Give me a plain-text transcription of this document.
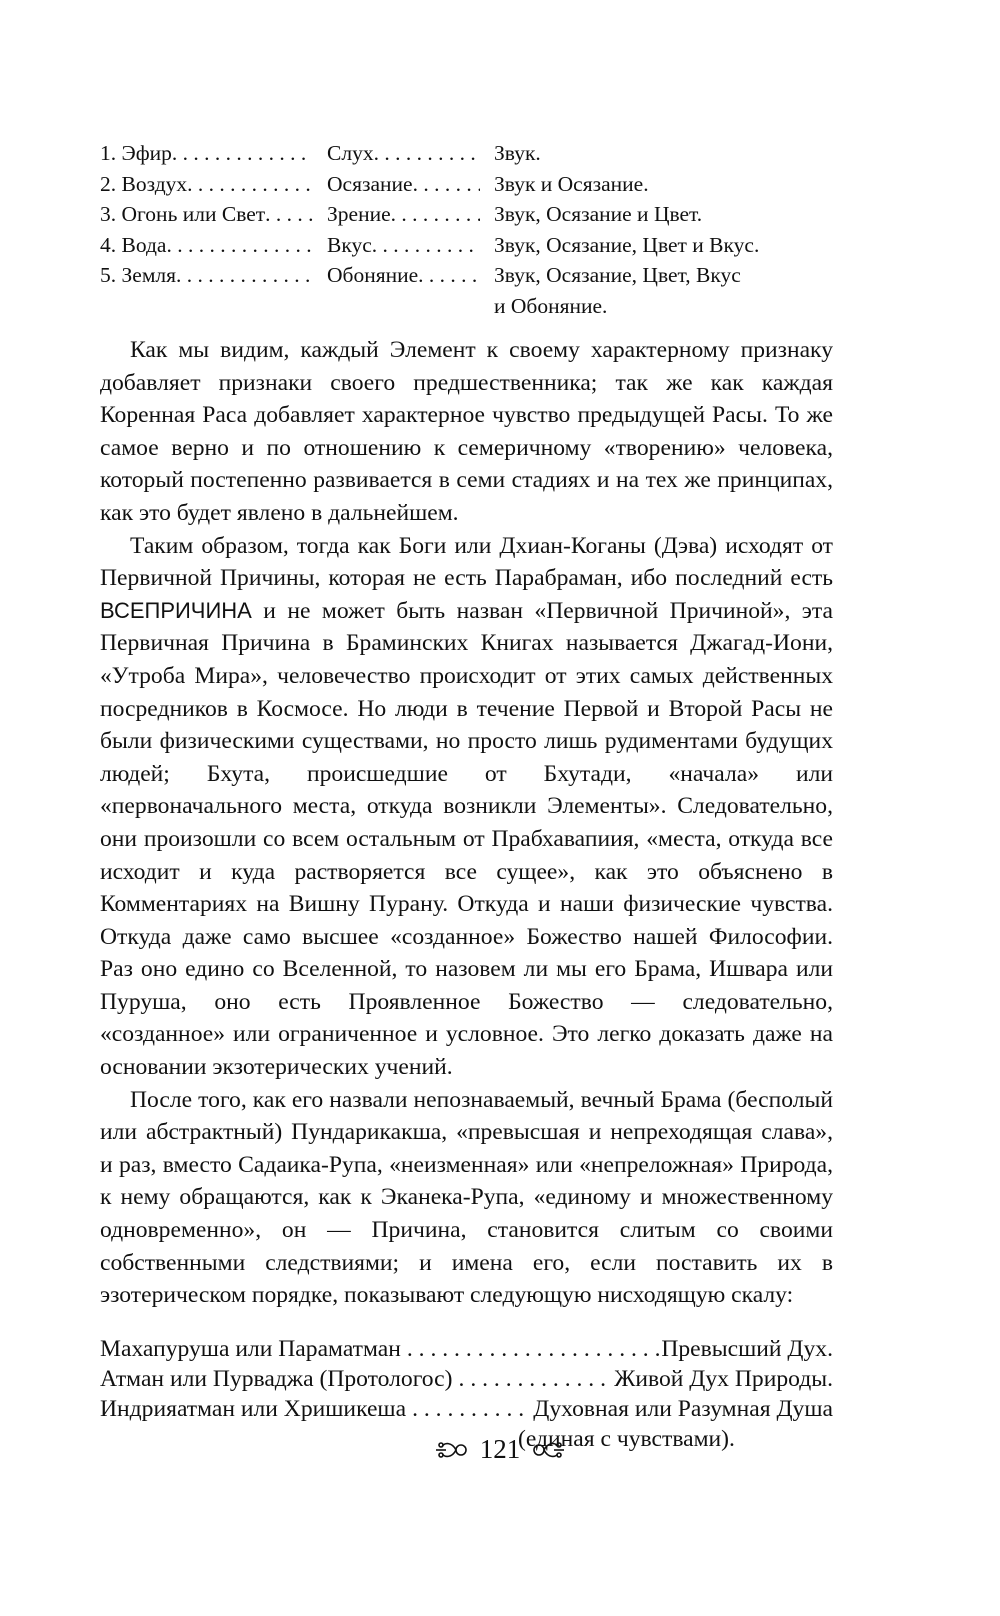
1. Эфир . . .	Слух . . .	Звук.
2. Воздух . . .	Осязание . . .	Звук и Осязание.
3. Огонь или Свет . . .	Зрение . . .	Звук, Осязание и Цвет.
4. Вода . . .	Вкус . . .	Звук, Осязание, Цвет и Вкус.
5. Земля . . .	Обоняние . . .	Звук, Осязание, Цвет, Вкус
и Обоняние.

Как мы видим, каждый Элемент к своему характерному признаку добавляет признаки своего предшественника; так же как каждая Коренная Раса добавляет характерное чувство предыдущей Расы. То же самое верно и по отношению к семеричному «творению» человека, который постепенно развивается в семи стадиях и на тех же принципах, как это будет явлено в дальнейшем.

Таким образом, тогда как Боги или Дхиан-Коганы (Дэва) исходят от Первичной Причины, которая не есть Парабраман, ибо последний есть ВСЕПРИЧИНА и не может быть назван «Первичной Причиной», эта Первичная Причина в Браминских Книгах называется Джагад-Иони, «Утроба Мира», человечество происходит от этих самых действенных посредников в Космосе. Но люди в течение Первой и Второй Расы не были физическими существами, но просто лишь рудиментами будущих людей; Бхута, происшедшие от Бхутади, «начала» или «первоначального места, откуда возникли Элементы». Следовательно, они произошли со всем остальным от Прабхавапиия, «места, откуда все исходит и куда растворяется все сущее», как это объяснено в Комментариях на Вишну Пурану. Откуда и наши физические чувства. Откуда даже само высшее «созданное» Божество нашей Философии. Раз оно едино со Вселенной, то назовем ли мы его Брама, Ишвара или Пуруша, оно есть Проявленное Божество — следовательно, «созданное» или ограниченное и условное. Это легко доказать даже на основании экзотерических учений.

После того, как его назвали непознаваемый, вечный Брама (бесполый или абстрактный) Пундарикакша, «превысшая и непреходящая слава», и раз, вместо Садаика-Рупа, «неизменная» или «непреложная» Природа, к нему обращаются, как к Эканека-Рупа, «единому и множественному одновременно», он — Причина, становится слитым со своими собственными следствиями; и имена его, если поставить их в эзотерическом порядке, показывают следующую нисходящую скалу:

Махапуруша или Параматман . . .	Превысший Дух.
Атман или Пурваджа (Протологос) . . .	Живой Дух Природы.
Индрияатман или Хришикеша . . .	Духовная или Разумная Душа
(единая с чувствами).
121
